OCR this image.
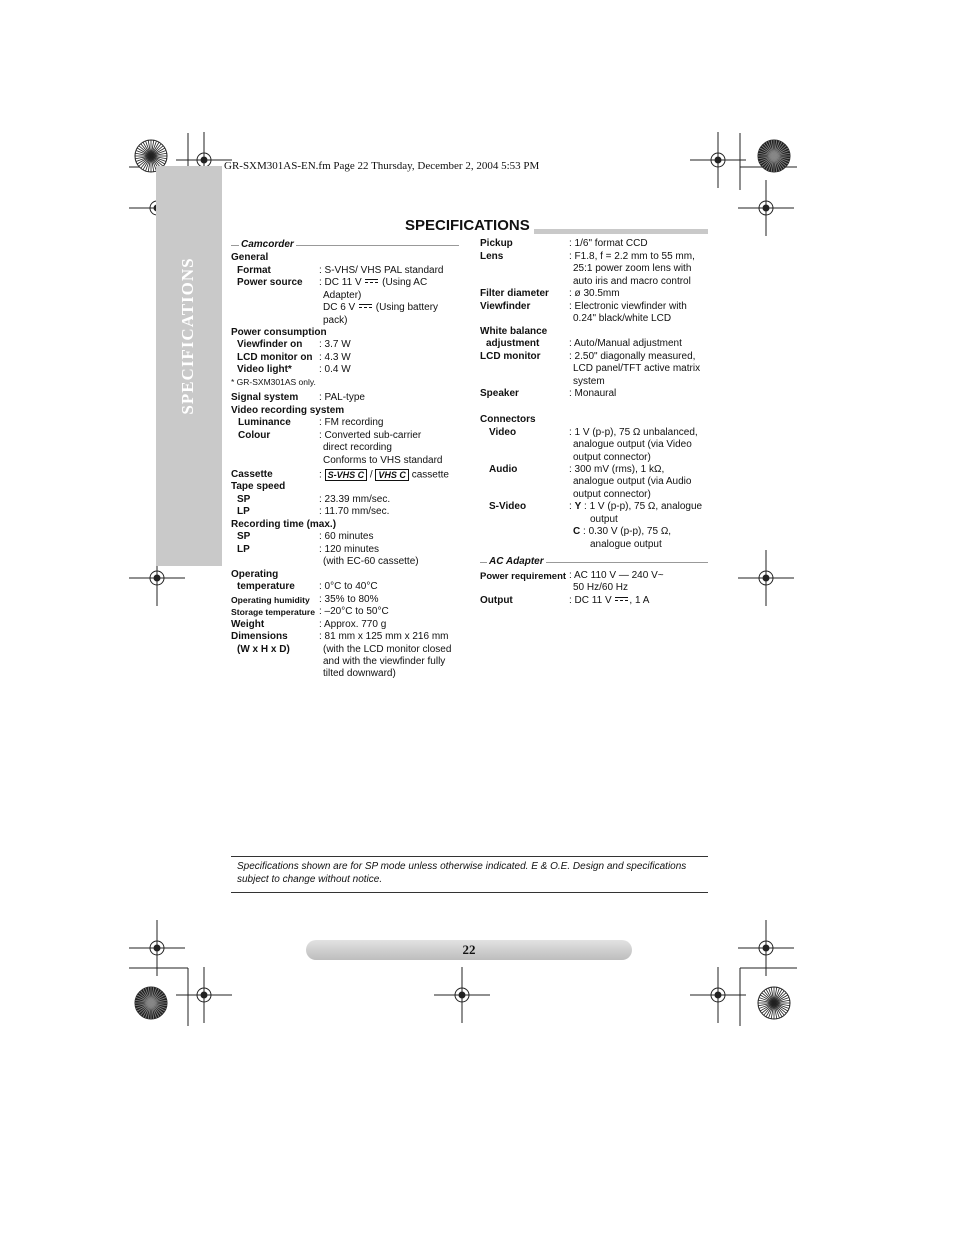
GR-SXM301AS-EN.fm Page 22 Thursday, December 2, 2004 5:53 PM
SPECIFICATIONS
SPECIFICATIONS
Camcorder
General
Format	: S-VHS/ VHS PAL standard
Power source : DC 11 V (Using AC
Adapter)
DC 6 V (Using battery
pack)
Power consumption
Viewfinder on : 3.7 W
LCD monitor on : 4.3 W
Video light*	: 0.4 W
* GR-SXM301AS only.
Signal system : PAL-type
Video recording system
Luminance	: FM recording
Colour	: Converted sub-carrier
direct recording
Conforms to VHS standard
Cassette	: S-VHS C / VHS C cassette
Tape speed
SP	: 23.39 mm/sec.
LP	: 11.70 mm/sec.
Recording time (max.)
SP	: 60 minutes
LP	: 120 minutes
(with EC-60 cassette)
Operating
temperature : 0°C to 40°C
Operating humidity : 35% to 80%
Storage temperature : –20°C to 50°C
Weight	: Approx. 770 g
Dimensions	: 81 mm x 125 mm x 216 mm
(W x H x D)	(with the LCD monitor closed
and with the viewfinder fully
tilted downward)
Pickup	: 1/6" format CCD
Lens	: F1.8, f = 2.2 mm to 55 mm,
25:1 power zoom lens with
auto iris and macro control
Filter diameter : ø 30.5mm
Viewfinder	: Electronic viewfinder with
0.24" black/white LCD
White balance
adjustment	: Auto/Manual adjustment
LCD monitor	: 2.50" diagonally measured,
LCD panel/TFT active matrix
system
Speaker	: Monaural
Connectors
Video	: 1 V (p-p), 75 Ω unbalanced,
analogue output (via Video
output connector)
Audio	: 300 mV (rms), 1 kΩ,
analogue output (via Audio
output connector)
S-Video	: Y : 1 V (p-p), 75 Ω, analogue
output
C : 0.30 V (p-p), 75 Ω,
analogue output
AC Adapter
Power requirement : AC 110 V — 240 V~
50 Hz/60 Hz
Output	: DC 11 V , 1 A
Specifications shown are for SP mode unless otherwise indicated. E & O.E. Design and specifications subject to change without notice.
22
